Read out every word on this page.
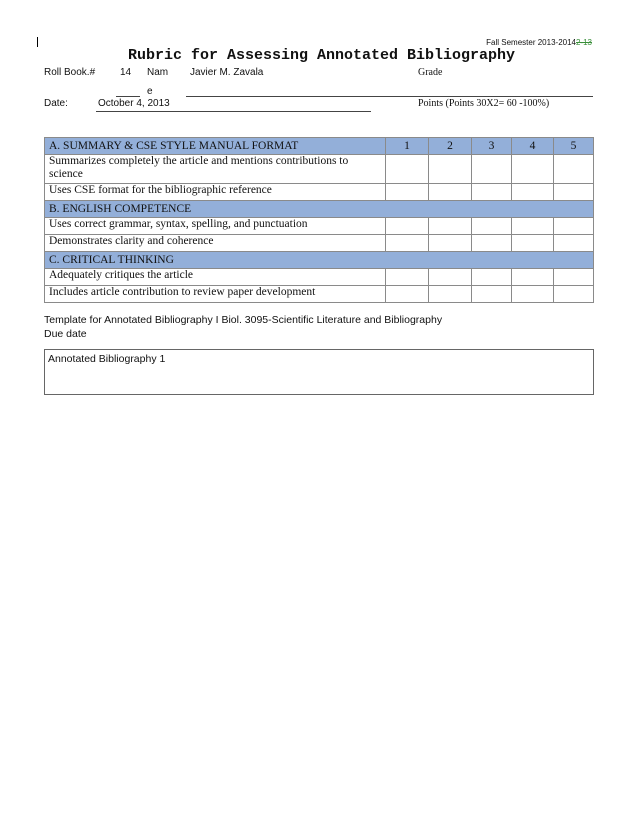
Fall Semester 2013-20142-13
Rubric for Assessing Annotated Bibliography
Roll Book.# 14 Nam Javier M. Zavala	Grade
e
Date:	October 4, 2013	Points (Points 30X2= 60 -100%)
A. SUMMARY & CSE STYLE MANUAL FORMAT	1	2	3	4	5
Summarizes completely the article and mentions contributions to science					
Uses CSE format for the bibliographic reference					
B. ENGLISH COMPETENCE					
Uses correct grammar, syntax, spelling, and punctuation					
Demonstrates clarity and coherence					
C. CRITICAL THINKING					
Adequately critiques the article					
Includes article contribution to review paper development					
Template for Annotated Bibliography I Biol. 3095-Scientific Literature and Bibliography
Due date
Annotated Bibliography 1
